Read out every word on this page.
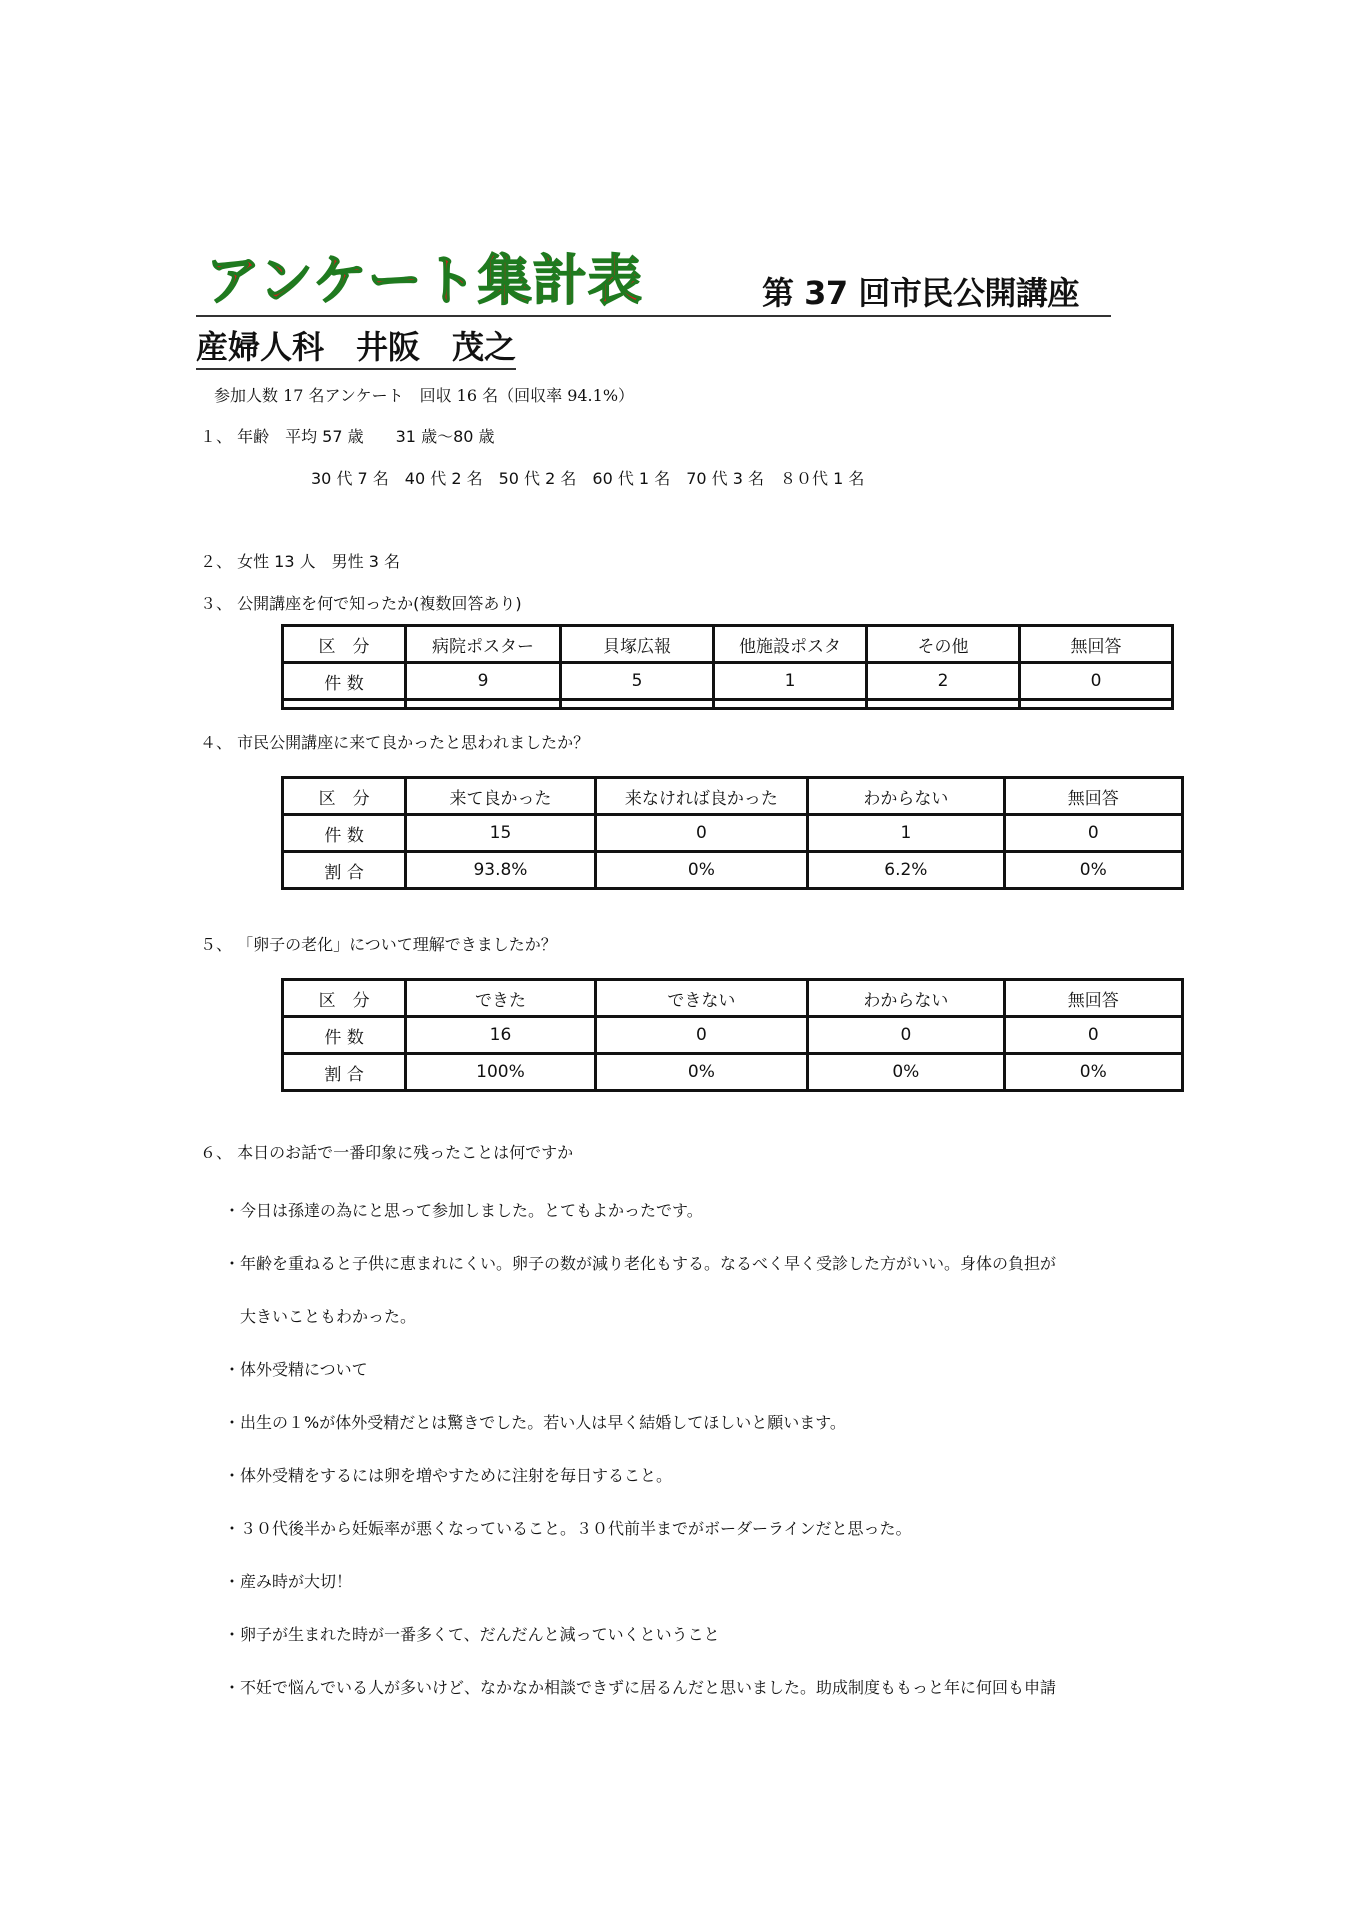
アンケート集計表	第 37 回市民公開講座
産婦人科　井阪　茂之
参加人数 17 名アンケート　回収 16 名（回収率 94.1%）
１、 年齢　平均 57 歳　　31 歳～80 歳
30 代 7 名　40 代 2 名　50 代 2 名　60 代 1 名　70 代 3 名　８０代 1 名
２、 女性 13 人　男性 3 名
３、 公開講座を何で知ったか(複数回答あり)
区　分	病院ポスター	貝塚広報	他施設ポスタ	その他	無回答
件 数	9	5	1	2	0

４、 市民公開講座に来て良かったと思われましたか？
区　分	来て良かった	来なければ良かった	わからない	無回答
件 数	15	0	1	0
割 合	93.8%	0%	6.2%	0%
５、 「卵子の老化」について理解できましたか？
区　分	できた	できない	わからない	無回答
件 数	16	0	0	0
割 合	100%	0%	0%	0%
６、 本日のお話で一番印象に残ったことは何ですか
・今日は孫達の為にと思って参加しました。とてもよかったです。
・年齢を重ねると子供に恵まれにくい。卵子の数が減り老化もする。なるべく早く受診した方がいい。身体の負担が
　大きいこともわかった。
・体外受精について
・出生の１%が体外受精だとは驚きでした。若い人は早く結婚してほしいと願います。
・体外受精をするには卵を増やすために注射を毎日すること。
・３０代後半から妊娠率が悪くなっていること。３０代前半までがボーダーラインだと思った。
・産み時が大切！
・卵子が生まれた時が一番多くて、だんだんと減っていくということ
・不妊で悩んでいる人が多いけど、なかなか相談できずに居るんだと思いました。助成制度ももっと年に何回も申請
